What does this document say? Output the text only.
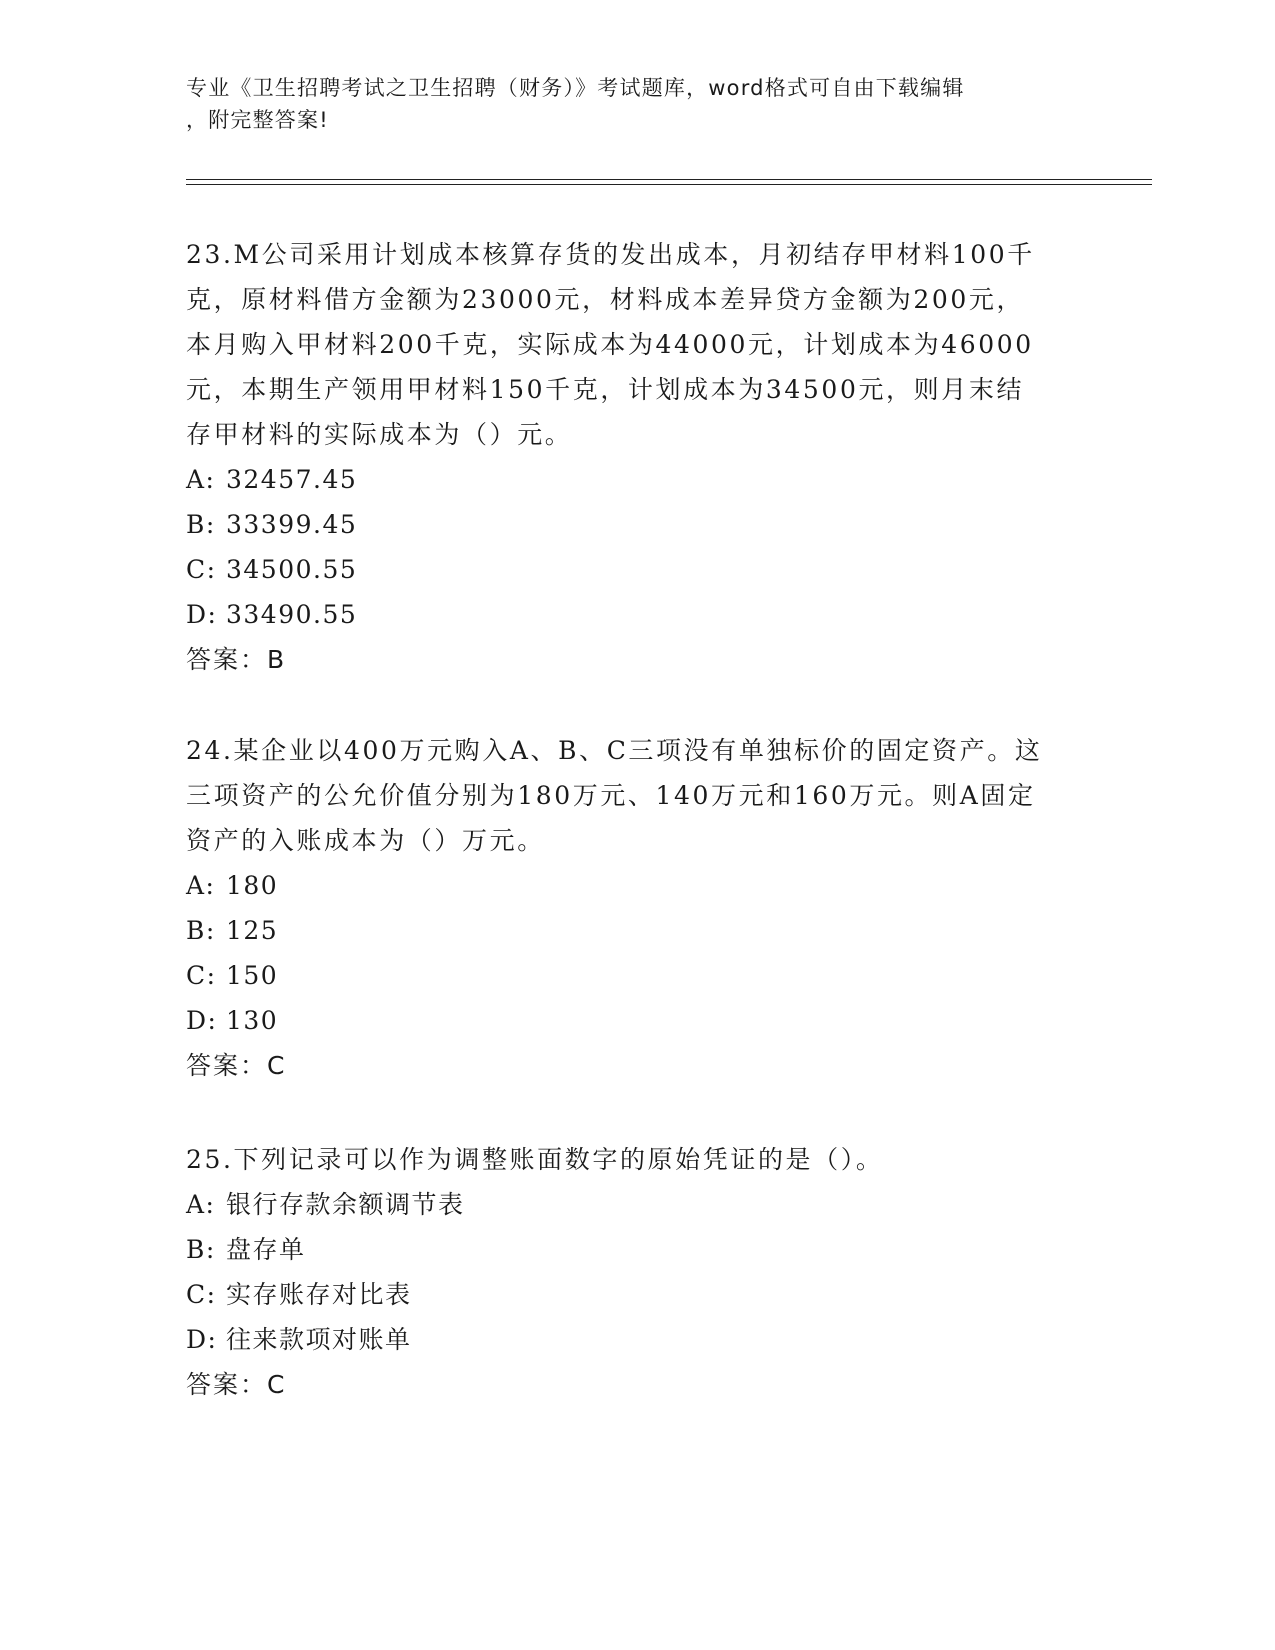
专业《卫生招聘考试之卫生招聘（财务）》考试题库，word格式可自由下载编辑
，附完整答案!
23.M公司采用计划成本核算存货的发出成本，月初结存甲材料100千
克，原材料借方金额为23000元，材料成本差异贷方金额为200元，
本月购入甲材料200千克，实际成本为44000元，计划成本为46000
元，本期生产领用甲材料150千克，计划成本为34500元，则月末结
存甲材料的实际成本为（）元。
A: 32457.45
B: 33399.45
C: 34500.55
D: 33490.55
答案：B
24.某企业以400万元购入A、B、C三项没有单独标价的固定资产。这
三项资产的公允价值分别为180万元、140万元和160万元。则A固定
资产的入账成本为（）万元。
A: 180
B: 125
C: 150
D: 130
答案：C
25.下列记录可以作为调整账面数字的原始凭证的是（）。
A: 银行存款余额调节表
B: 盘存单
C: 实存账存对比表
D: 往来款项对账单
答案：C
